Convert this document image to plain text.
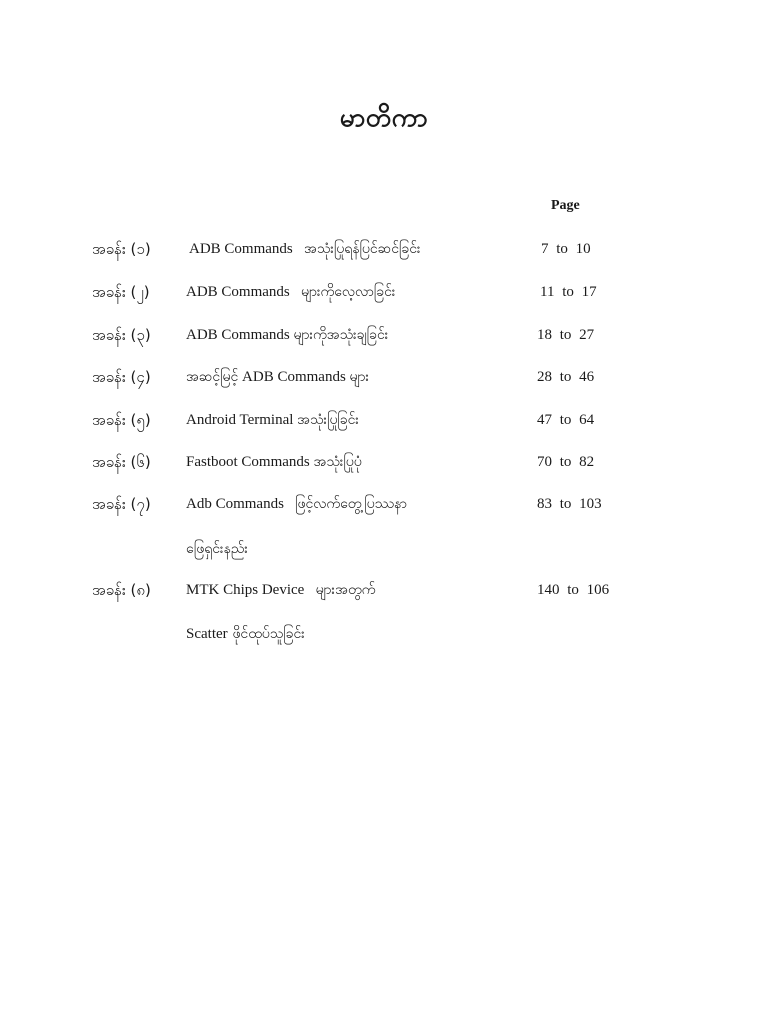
မာတိကာ
Page
အခန်း (၁)	ADB Commands အသုံးပြုရန်ပြင်ဆင်ခြင်း	7 to 10
အခန်း (၂) ADB Commands များကိုလေ့လာခြင်း	11 to 17
အခန်း (၃) ADB Commands များကိုအသုံးချခြင်း	18 to 27
အခန်း (၄)	အဆင့်မြင့် ADB Commands များ	28 to 46
အခန်း (၅) Android Terminal အသုံးပြုခြင်း	47 to 64
အခန်း (၆) Fastboot Commands အသုံးပြုပုံ	70 to 82
အခန်း (၇) Adb Commands ဖြင့်လက်တွေ့ပြဿနာ	83 to 103
ဖြေရှင်းနည်း
အခန်း (၈) MTK Chips Device များအတွက်	140 to 106
Scatter ဖိုင်ထုပ်သူခြင်း
